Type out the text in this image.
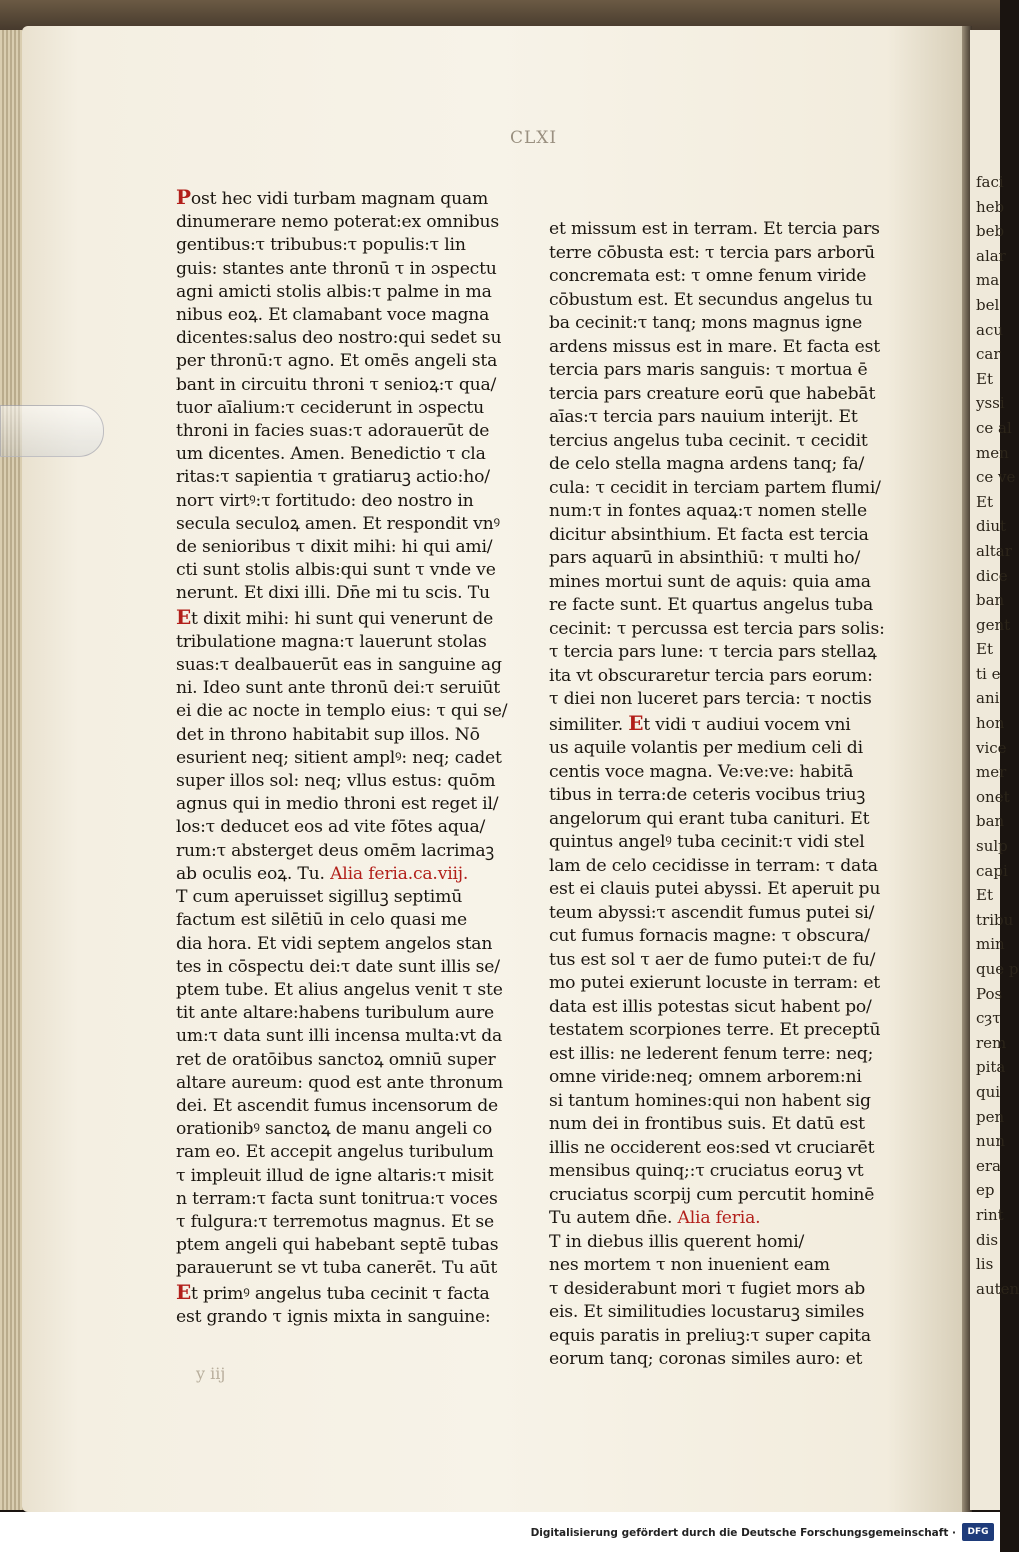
faci
heb
beb
alar
ma
bel
acu
car
Et
yssi
ce al
men
ce ve
Et
diut
altar
dice
ban
gent
Et
ti e
ani
hon
vice
mer
onet
ban
sulp
capi
Et
tribu
min
que p
Pos
cȝτ
rem
pita
qui
pen
nun
era
ep
rint
dis
lis
auten
CLXI
Post hec vidi turbam magnam quam
dinumerare nemo poterat:ex omnibus
gentibus:τ tribubus:τ populis:τ lin
guis: stantes ante thronū τ in ɔspectu
agni amicti stolis albis:τ palme in ma
nibus eoꝝ. Et clamabant voce magna
dicentes:salus deo nostro:qui sedet su
per thronū:τ agno. Et omēs angeli sta
bant in circuitu throni τ senioꝝ:τ qua/
tuor aīalium:τ ceciderunt in ɔspectu
throni in facies suas:τ adorauerūt de
um dicentes. Amen. Benedictio τ cla
ritas:τ sapientia τ gratiaruꝫ actio:ho/
norτ virtꝰ:τ fortitudo: deo nostro in
secula seculoꝝ amen. Et respondit vnꝰ
de senioribus τ dixit mihi: hi qui ami/
cti sunt stolis albis:qui sunt τ vnde ve
nerunt. Et dixi illi. Dn̄e mi tu scis. Tu
Et dixit mihi: hi sunt qui venerunt de
tribulatione magna:τ lauerunt stolas
suas:τ dealbauerūt eas in sanguine ag
ni. Ideo sunt ante thronū dei:τ seruiūt
ei die ac nocte in templo eius: τ qui se/
det in throno habitabit sup illos. Nō
esurient neq; sitient amplꝰ: neq; cadet
super illos sol: neq; vllus estus: quōm
agnus qui in medio throni est reget il/
los:τ deducet eos ad vite fōtes aqua/
rum:τ absterget deus omēm lacrimaꝫ
ab oculis eoꝝ. Tu. Alia feria.ca.viij.
T cum aperuisset sigilluꝫ septimū
factum est silētiū in celo quasi me
dia hora. Et vidi septem angelos stan
tes in cōspectu dei:τ date sunt illis se/
ptem tube. Et alius angelus venit τ ste
tit ante altare:habens turibulum aure
um:τ data sunt illi incensa multa:vt da
ret de oratōibus sanctoꝝ omniū super
altare aureum: quod est ante thronum
dei. Et ascendit fumus incensorum de
orationibꝰ sanctoꝝ de manu angeli co
ram eo. Et accepit angelus turibulum
τ impleuit illud de igne altaris:τ misit
n terram:τ facta sunt tonitrua:τ voces
τ fulgura:τ terremotus magnus. Et se
ptem angeli qui habebant septē tubas
parauerunt se vt tuba canerēt. Tu aūt
Et primꝰ angelus tuba cecinit τ facta
est grando τ ignis mixta in sanguine:
et missum est in terram. Et tercia pars
terre cōbusta est: τ tercia pars arborū
concremata est: τ omne fenum viride
cōbustum est. Et secundus angelus tu
ba cecinit:τ tanq; mons magnus igne
ardens missus est in mare. Et facta est
tercia pars maris sanguis: τ mortua ē
tercia pars creature eorū que habebāt
aīas:τ tercia pars nauium interijt. Et
tercius angelus tuba cecinit. τ cecidit
de celo stella magna ardens tanq; fa/
cula: τ cecidit in terciam partem flumi/
num:τ in fontes aquaꝝ:τ nomen stelle
dicitur absinthium. Et facta est tercia
pars aquarū in absinthiū: τ multi ho/
mines mortui sunt de aquis: quia ama
re facte sunt. Et quartus angelus tuba
cecinit: τ percussa est tercia pars solis:
τ tercia pars lune: τ tercia pars stellaꝝ
ita vt obscuraretur tercia pars eorum:
τ diei non luceret pars tercia: τ noctis
similiter. Et vidi τ audiui vocem vni
us aquile volantis per medium celi di
centis voce magna. Ve:ve:ve: habitā
tibus in terra:de ceteris vocibus triuꝫ
angelorum qui erant tuba cаnituri. Et
quintus angelꝰ tuba cecinit:τ vidi stel
lam de celo cecidisse in terram: τ data
est ei clauis putei abyssi. Et aperuit pu
teum abyssi:τ ascendit fumus putei si/
cut fumus fornacis magne: τ obscura/
tus est sol τ aer de fumo putei:τ de fu/
mo putei exierunt locuste in terram: et
data est illis potestas sicut habent po/
testatem scorpiones terre. Et preceptū
est illis: ne lederent fenum terre: neq;
omne viride:neq; omnem arborem:ni
si tantum homines:qui non habent sig
num dei in frontibus suis. Et datū est
illis ne occiderent eos:sed vt cruciarēt
mensibus quinq;:τ cruciatus eoruꝫ vt
cruciatus scorpij cum percutit hominē
Tu autem dn̄e. Alia feria.
T in diebus illis querent homi/
nes mortem τ non inuenient eam
τ desiderabunt mori τ fugiet mors ab
eis. Et similitudies locustaruꝫ similes
equis paratis in preliuꝫ:τ super capita
eorum tanq; coronas similes auro: et
y iij
Digitalisierung gefördert durch die Deutsche Forschungsgemeinschaft ·	DFG
